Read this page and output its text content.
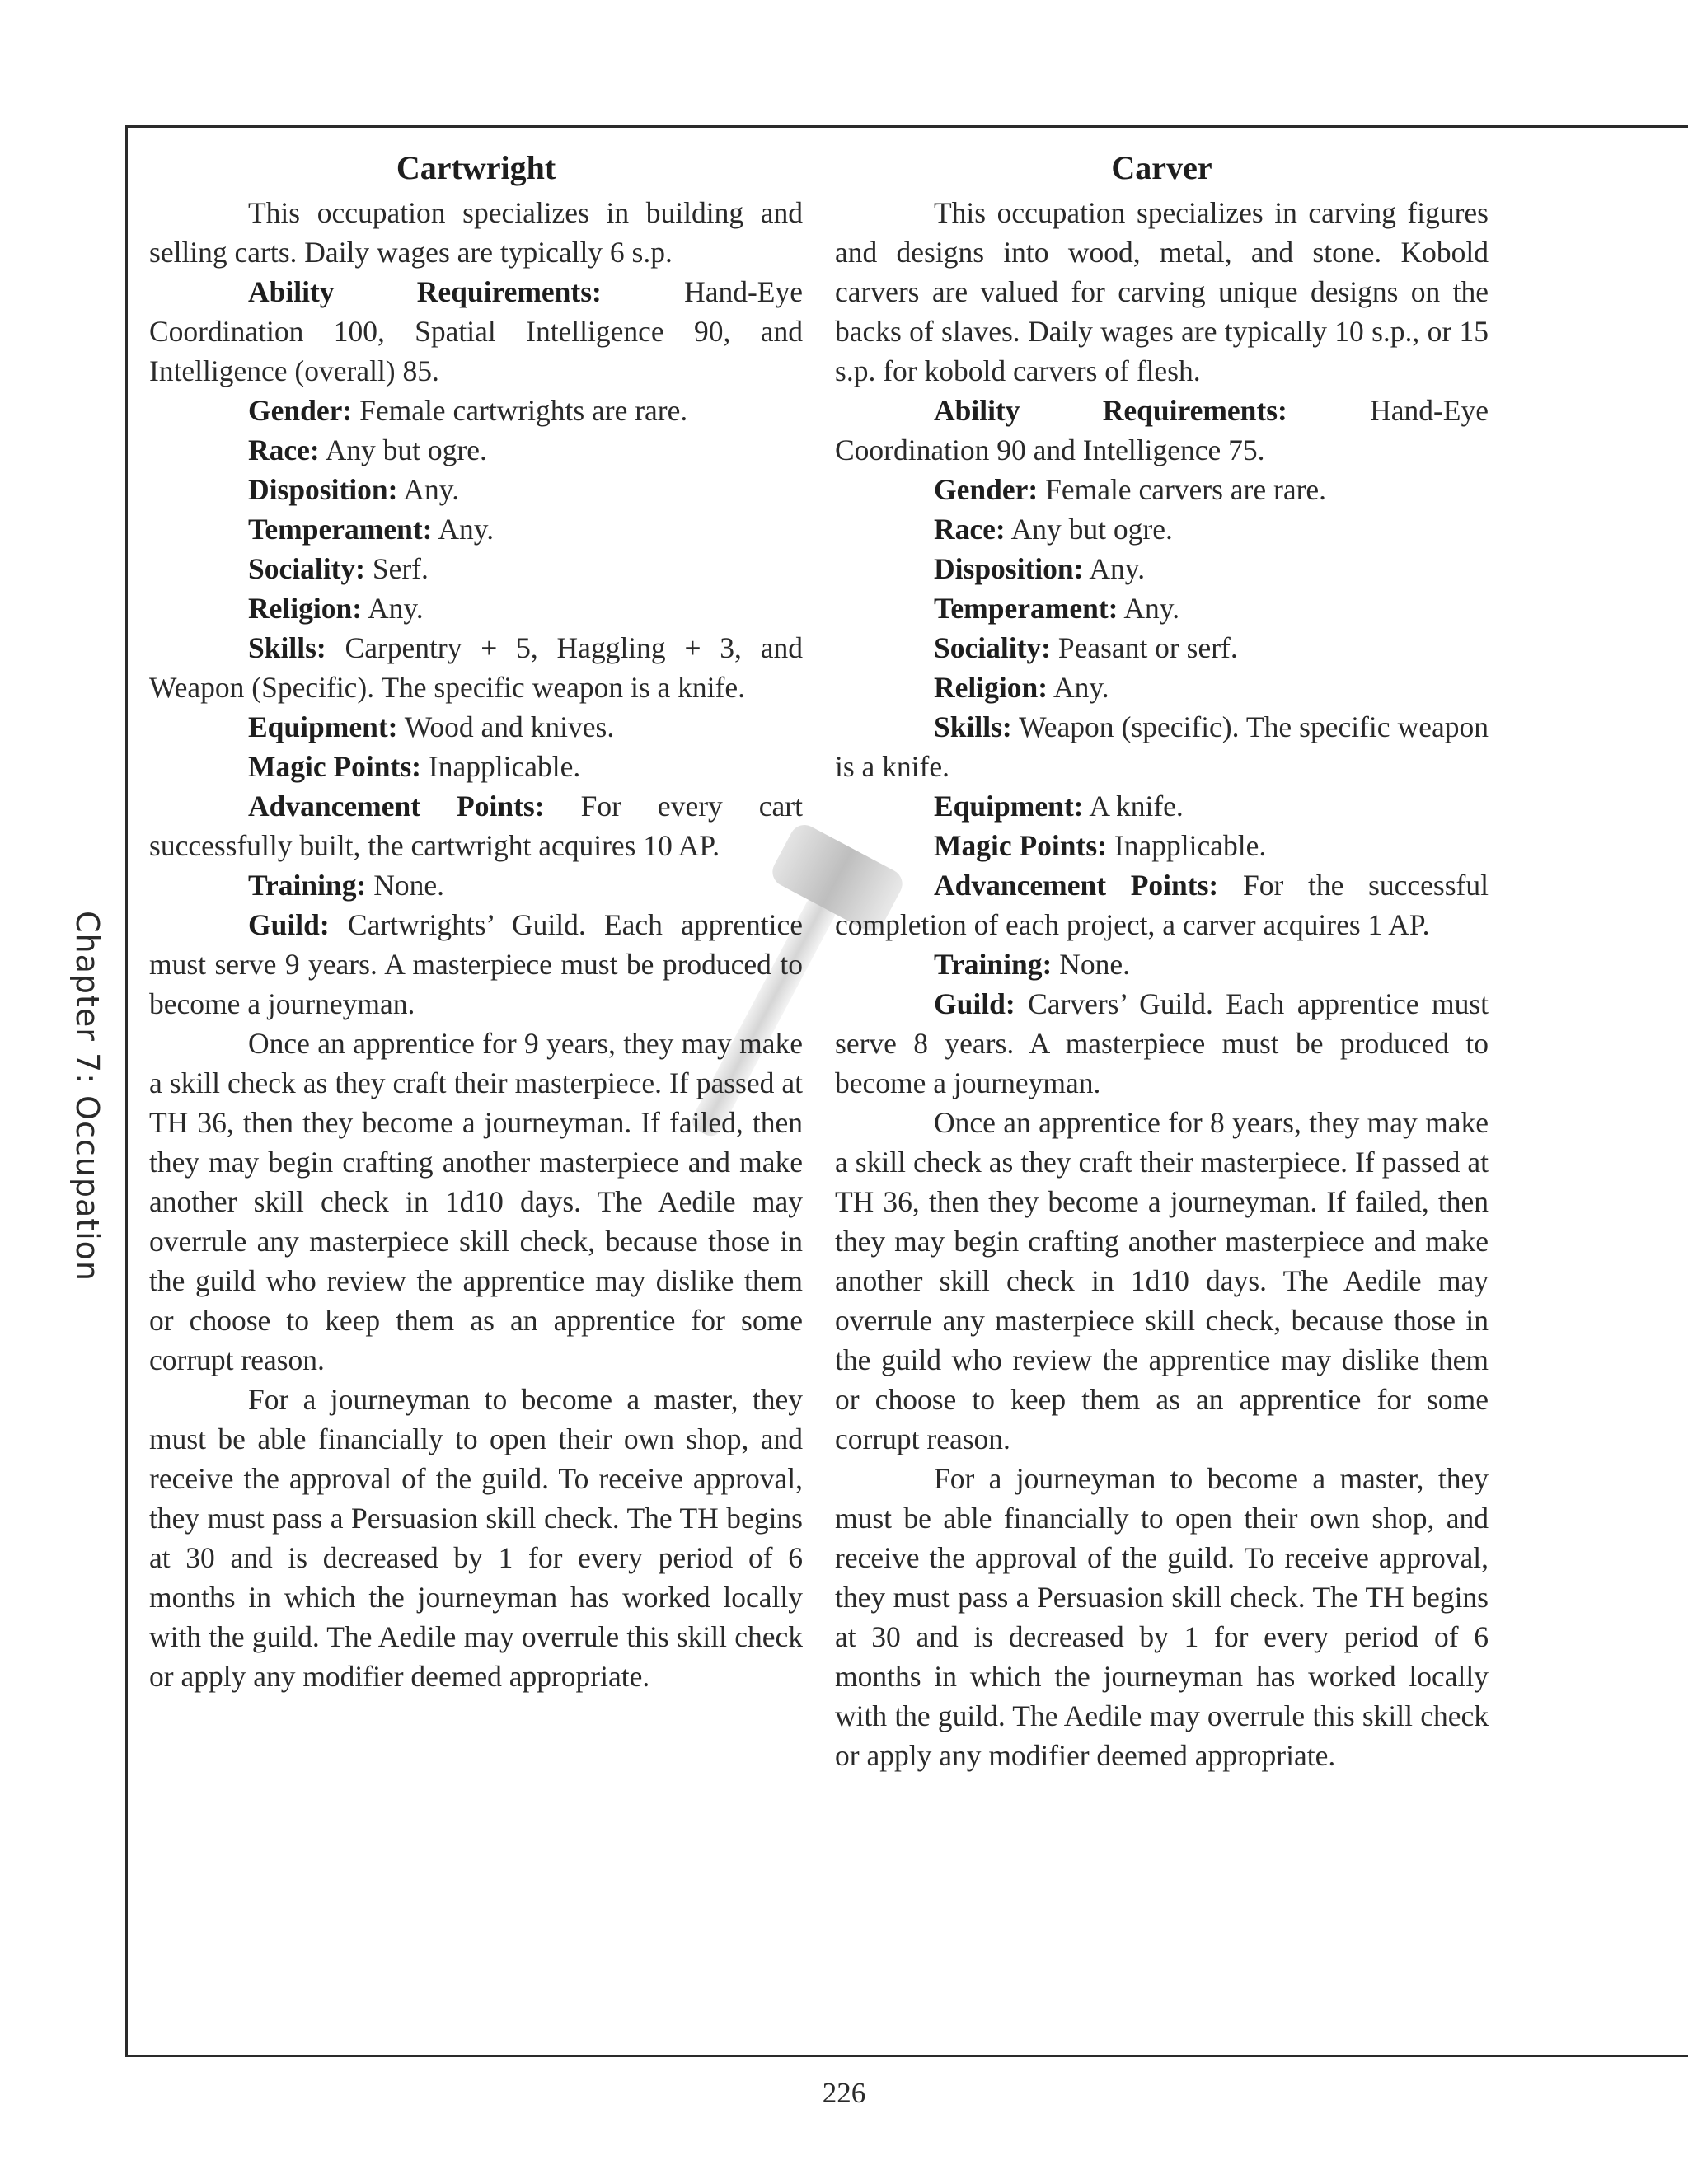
Chapter 7: Occupation
Cartwright

This occupation specializes in building and selling carts. Daily wages are typically 6 s.p.

Ability Requirements: Hand-Eye Coordination 100, Spatial Intelligence 90, and Intelligence (overall) 85.

Gender: Female cartwrights are rare.

Race: Any but ogre.

Disposition: Any.

Temperament: Any.

Sociality: Serf.

Religion: Any.

Skills: Carpentry + 5, Haggling + 3, and Weapon (Specific). The specific weapon is a knife.

Equipment: Wood and knives.

Magic Points: Inapplicable.

Advancement Points: For every cart successfully built, the cartwright acquires 10 AP.

Training: None.

Guild: Cartwrights’ Guild. Each apprentice must serve 9 years. A masterpiece must be produced to become a journeyman.

Once an apprentice for 9 years, they may make a skill check as they craft their masterpiece. If passed at TH 36, then they become a journeyman. If failed, then they may begin crafting another masterpiece and make another skill check in 1d10 days. The Aedile may overrule any masterpiece skill check, because those in the guild who review the apprentice may dislike them or choose to keep them as an apprentice for some corrupt reason.

For a journeyman to become a master, they must be able financially to open their own shop, and receive the approval of the guild. To receive approval, they must pass a Persuasion skill check. The TH begins at 30 and is decreased by 1 for every period of 6 months in which the journeyman has worked locally with the guild. The Aedile may overrule this skill check or apply any modifier deemed appropriate.

Carver

This occupation specializes in carving figures and designs into wood, metal, and stone. Kobold carvers are valued for carving unique designs on the backs of slaves. Daily wages are typically 10 s.p., or 15 s.p. for kobold carvers of flesh.

Ability Requirements: Hand-Eye Coordination 90 and Intelligence 75.

Gender: Female carvers are rare.

Race: Any but ogre.

Disposition: Any.

Temperament: Any.

Sociality: Peasant or serf.

Religion: Any.

Skills: Weapon (specific). The specific weapon is a knife.

Equipment: A knife.

Magic Points: Inapplicable.

Advancement Points: For the successful completion of each project, a carver acquires 1 AP.

Training: None.

Guild: Carvers’ Guild. Each apprentice must serve 8 years. A masterpiece must be produced to become a journeyman.

Once an apprentice for 8 years, they may make a skill check as they craft their masterpiece. If passed at TH 36, then they become a journeyman. If failed, then they may begin crafting another masterpiece and make another skill check in 1d10 days. The Aedile may overrule any masterpiece skill check, because those in the guild who review the apprentice may dislike them or choose to keep them as an apprentice for some corrupt reason.

For a journeyman to become a master, they must be able financially to open their own shop, and receive the approval of the guild. To receive approval, they must pass a Persuasion skill check. The TH begins at 30 and is decreased by 1 for every period of 6 months in which the journeyman has worked locally with the guild. The Aedile may overrule this skill check or apply any modifier deemed appropriate.

226
